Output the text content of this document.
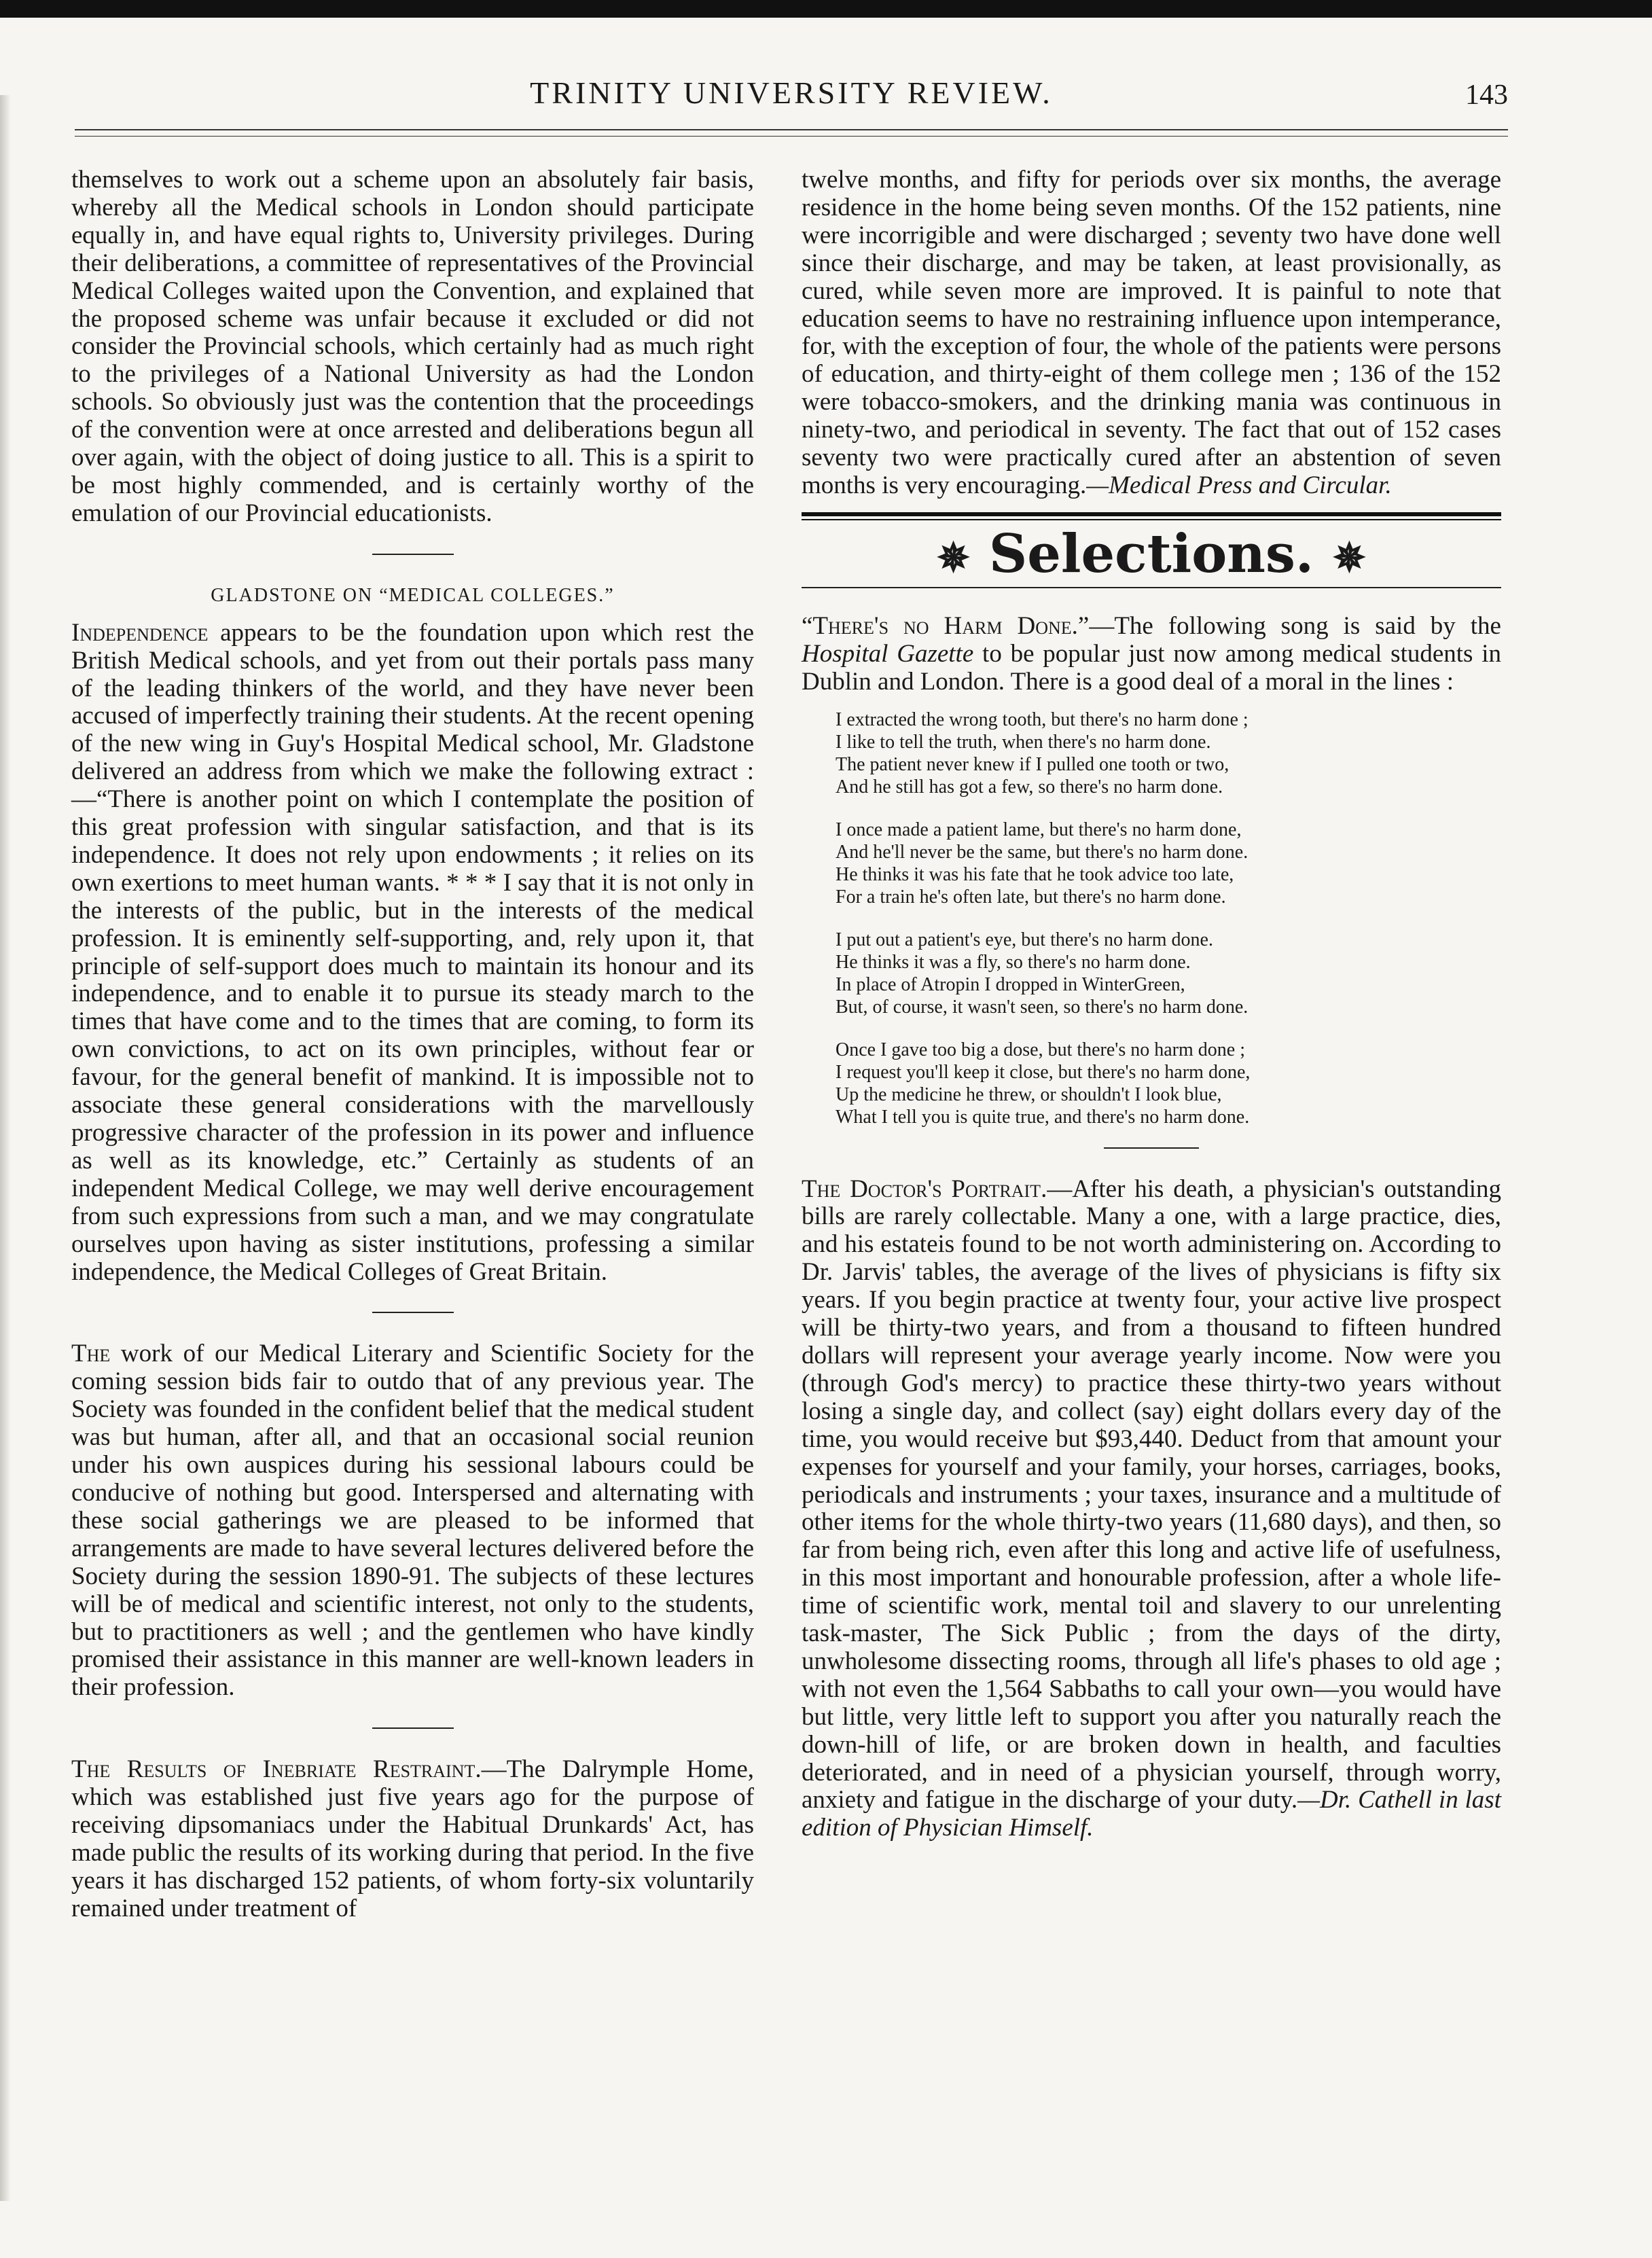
TRINITY UNIVERSITY REVIEW.	143

themselves to work out a scheme upon an absolutely fair basis, whereby all the Medical schools in London should participate equally in, and have equal rights to, University privileges. During their deliberations, a committee of representatives of the Provincial Medical Colleges waited upon the Convention, and explained that the proposed scheme was unfair because it excluded or did not consider the Provincial schools, which certainly had as much right to the privileges of a National University as had the London schools. So obviously just was the contention that the proceedings of the convention were at once arrested and deliberations begun all over again, with the object of doing justice to all. This is a spirit to be most highly commended, and is certainly worthy of the emulation of our Provincial educationists.

GLADSTONE ON “MEDICAL COLLEGES.”

Independence appears to be the foundation upon which rest the British Medical schools, and yet from out their portals pass many of the leading thinkers of the world, and they have never been accused of imperfectly training their students. At the recent opening of the new wing in Guy's Hospital Medical school, Mr. Gladstone delivered an address from which we make the following extract :—“There is another point on which I contemplate the position of this great profession with singular satisfaction, and that is its independence. It does not rely upon endowments ; it relies on its own exertions to meet human wants. * * * I say that it is not only in the interests of the public, but in the interests of the medical profession. It is eminently self-supporting, and, rely upon it, that principle of self-support does much to maintain its honour and its independence, and to enable it to pursue its steady march to the times that have come and to the times that are coming, to form its own convictions, to act on its own principles, without fear or favour, for the general benefit of mankind. It is impossible not to associate these general considerations with the marvellously progressive character of the profession in its power and influence as well as its knowledge, etc.” Certainly as students of an independent Medical College, we may well derive encouragement from such expressions from such a man, and we may congratulate ourselves upon having as sister institutions, professing a similar independence, the Medical Colleges of Great Britain.

The work of our Medical Literary and Scientific Society for the coming session bids fair to outdo that of any previous year. The Society was founded in the confident belief that the medical student was but human, after all, and that an occasional social reunion under his own auspices during his sessional labours could be conducive of nothing but good. Interspersed and alternating with these social gatherings we are pleased to be informed that arrangements are made to have several lectures delivered before the Society during the session 1890-91. The subjects of these lectures will be of medical and scientific interest, not only to the students, but to practitioners as well ; and the gentlemen who have kindly promised their assistance in this manner are well-known leaders in their profession.

The Results of Inebriate Restraint.—The Dalrymple Home, which was established just five years ago for the purpose of receiving dipsomaniacs under the Habitual Drunkards' Act, has made public the results of its working during that period. In the five years it has discharged 152 patients, of whom forty-six voluntarily remained under treatment of

twelve months, and fifty for periods over six months, the average residence in the home being seven months. Of the 152 patients, nine were incorrigible and were discharged ; seventy two have done well since their discharge, and may be taken, at least provisionally, as cured, while seven more are improved. It is painful to note that education seems to have no restraining influence upon intemperance, for, with the exception of four, the whole of the patients were persons of education, and thirty-eight of them college men ; 136 of the 152 were tobacco-smokers, and the drinking mania was continuous in ninety-two, and periodical in seventy. The fact that out of 152 cases seventy two were practically cured after an abstention of seven months is very encouraging.—Medical Press and Circular.

✵ Selections. ✵

“There's no Harm Done.”—The following song is said by the Hospital Gazette to be popular just now among medical students in Dublin and London. There is a good deal of a moral in the lines :

I extracted the wrong tooth, but there's no harm done ;
I like to tell the truth, when there's no harm done.
The patient never knew if I pulled one tooth or two,
And he still has got a few, so there's no harm done.
I once made a patient lame, but there's no harm done,
And he'll never be the same, but there's no harm done.
He thinks it was his fate that he took advice too late,
For a train he's often late, but there's no harm done.
I put out a patient's eye, but there's no harm done.
He thinks it was a fly, so there's no harm done.
In place of Atropin I dropped in WinterGreen,
But, of course, it wasn't seen, so there's no harm done.
Once I gave too big a dose, but there's no harm done ;
I request you'll keep it close, but there's no harm done,
Up the medicine he threw, or shouldn't I look blue,
What I tell you is quite true, and there's no harm done.

The Doctor's Portrait.—After his death, a physician's outstanding bills are rarely collectable. Many a one, with a large practice, dies, and his estateis found to be not worth administering on. According to Dr. Jarvis' tables, the average of the lives of physicians is fifty six years. If you begin practice at twenty four, your active live prospect will be thirty-two years, and from a thousand to fifteen hundred dollars will represent your average yearly income. Now were you (through God's mercy) to practice these thirty-two years without losing a single day, and collect (say) eight dollars every day of the time, you would receive but $93,440. Deduct from that amount your expenses for yourself and your family, your horses, carriages, books, periodicals and instruments ; your taxes, insurance and a multitude of other items for the whole thirty-two years (11,680 days), and then, so far from being rich, even after this long and active life of usefulness, in this most important and honourable profession, after a whole life-time of scientific work, mental toil and slavery to our unrelenting task-master, The Sick Public ; from the days of the dirty, unwholesome dissecting rooms, through all life's phases to old age ; with not even the 1,564 Sabbaths to call your own—you would have but little, very little left to support you after you naturally reach the down-hill of life, or are broken down in health, and faculties deteriorated, and in need of a physician yourself, through worry, anxiety and fatigue in the discharge of your duty.—Dr. Cathell in last edition of Physician Himself.
